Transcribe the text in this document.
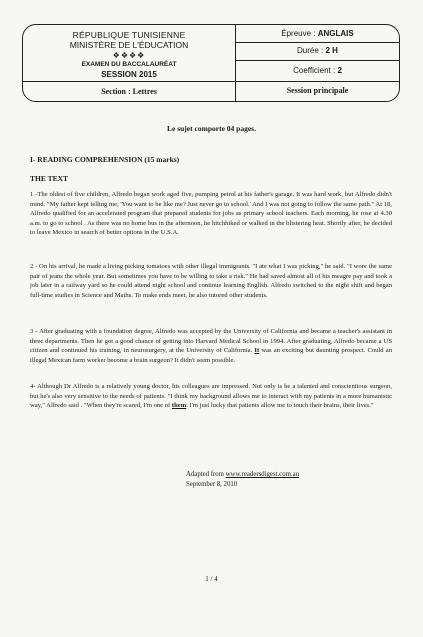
RÉPUBLIQUE TUNISIENNE
MINISTÈRE DE L'ÉDUCATION
❖❖❖❖
EXAMEN DU BACCALAURÉAT
SESSION 2015
Section : Lettres
Épreuve : ANGLAIS
Durée : 2 H
Coefficient : 2
Session principale
Le sujet comporte 04 pages.
I- READING COMPREHENSION (15 marks)
THE TEXT
1 -The oldest of five children, Alfredo began work aged five, pumping petrol at his father's garage. It was hard work, but Alfredo didn't mind. "My father kept telling me, 'You want to be like me? Just never go to school.' And I was not going to follow the same path." At 18, Alfredo qualified for an accelerated program that prepared students for jobs as primary school teachers. Each morning, he rose at 4.30 a.m. to go to school . As there was no home bus in the afternoon, he hitchhiked or walked in the blistering heat. Shortly after, he decided to leave Mexico in search of better options in the U.S.A.
2 - On his arrival, he made a living picking tomatoes with other illegal immigrants. "I ate what I was picking," he said. "I wore the same pair of jeans the whole year. But sometimes you have to be willing to take a risk." He had saved almost all of his meagre pay and took a job later in a railway yard so he could attend night school and continue learning English. Alfredo switched to the night shift and began full-time studies in Science and Maths. To make ends meet, he also tutored other students.
3 - After graduating with a foundation degree, Alfredo was accepted by the University of California and became a teacher's assistant in three departments. Then he got a good chance of getting into Harvard Medical School in 1994. After graduating, Alfredo became a US citizen and continued his training, in neurosurgery, at the University of California. It was an exciting but daunting prospect. Could an illegal Mexican farm worker become a brain surgeon? It didn't seem possible.
4- Although Dr Alfredo is a relatively young doctor, his colleagues are impressed. Not only is he a talented and conscientious surgeon, but he's also very sensitive to the needs of patients. "I think my background allows me to interact with my patients in a more humanistic way," Alfredo said . "When they're scared, I'm one of them. I'm just lucky that patients allow me to touch their brains, their lives."
Adapted from www.readersdigest.com.au
September 8, 2010
1 / 4
